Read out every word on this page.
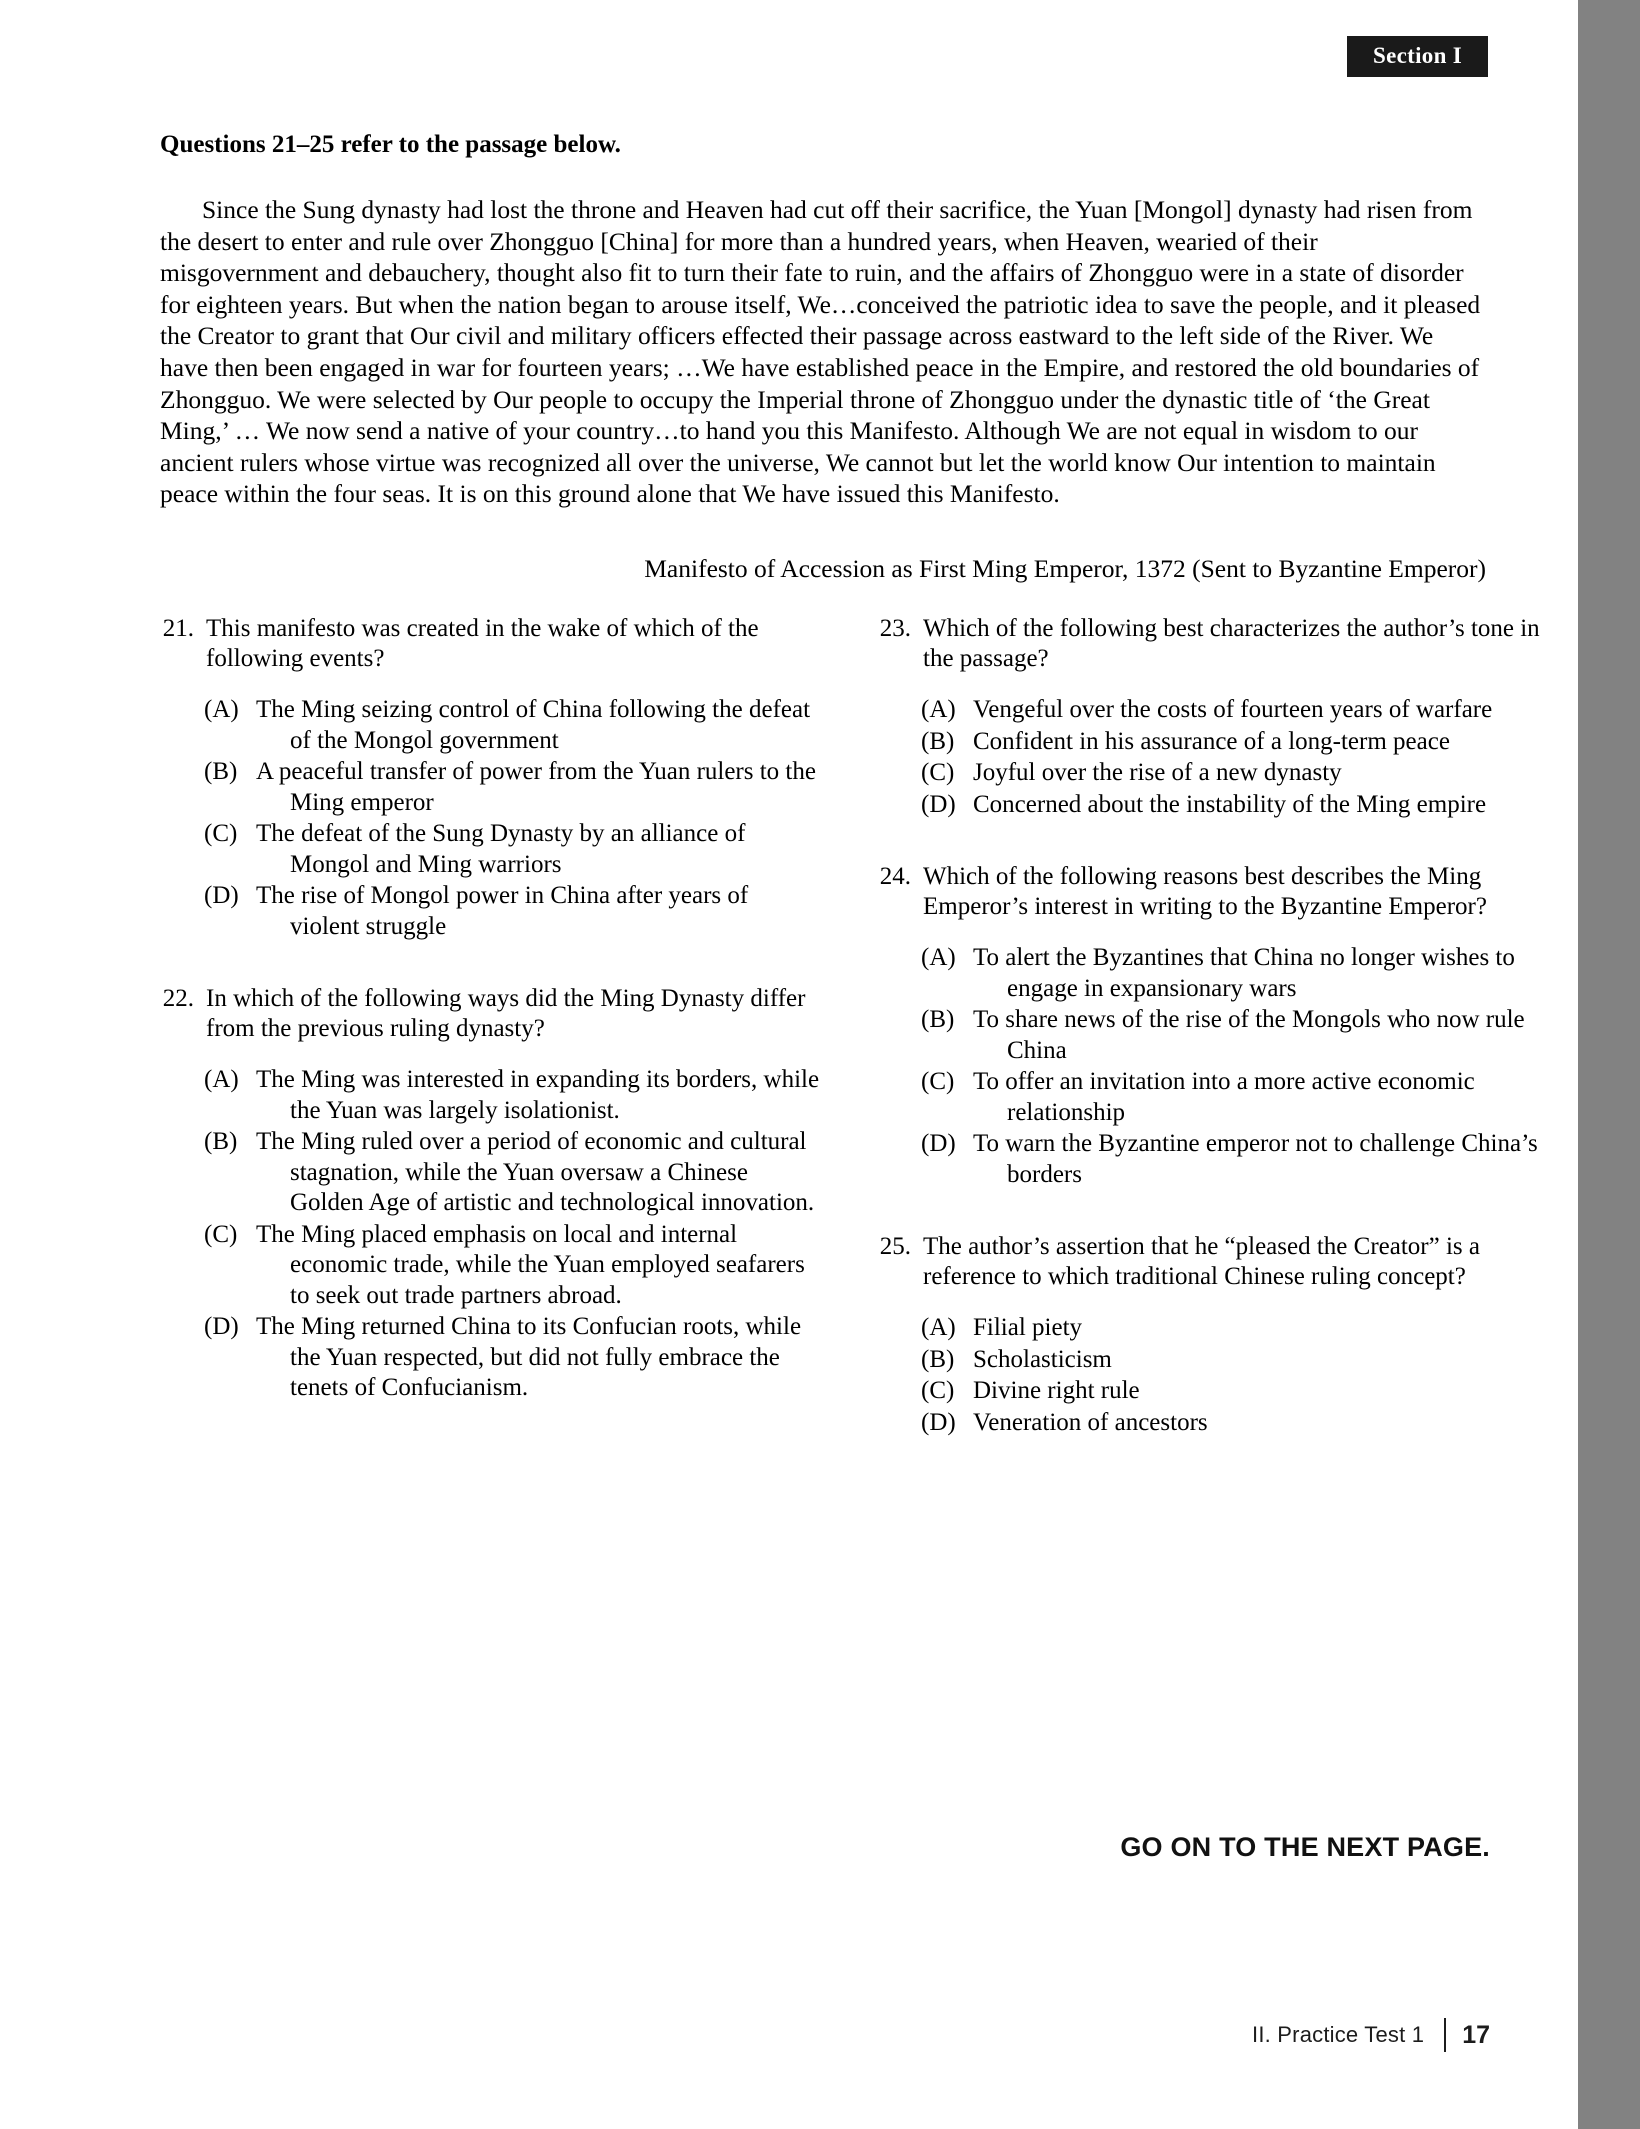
Section I
Questions 21–25 refer to the passage below.

Since the Sung dynasty had lost the throne and Heaven had cut off their sacrifice, the Yuan [Mongol] dynasty had risen from the desert to enter and rule over Zhongguo [China] for more than a hundred years, when Heaven, wearied of their misgovernment and debauchery, thought also fit to turn their fate to ruin, and the affairs of Zhongguo were in a state of disorder for eighteen years. But when the nation began to arouse itself, We…conceived the patriotic idea to save the people, and it pleased the Creator to grant that Our civil and military officers effected their passage across eastward to the left side of the River. We have then been engaged in war for fourteen years; …We have established peace in the Empire, and restored the old boundaries of Zhongguo. We were selected by Our people to occupy the Imperial throne of Zhongguo under the dynastic title of ‘the Great Ming,’ … We now send a native of your country…to hand you this Manifesto. Although We are not equal in wisdom to our ancient rulers whose virtue was recognized all over the universe, We cannot but let the world know Our intention to maintain peace within the four seas. It is on this ground alone that We have issued this Manifesto.

Manifesto of Accession as First Ming Emperor, 1372 (Sent to Byzantine Emperor)
21. This manifesto was created in the wake of which of the following events?
(A) The Ming seizing control of China following the defeat of the Mongol government
(B) A peaceful transfer of power from the Yuan rulers to the Ming emperor
(C) The defeat of the Sung Dynasty by an alliance of Mongol and Ming warriors
(D) The rise of Mongol power in China after years of violent struggle
22. In which of the following ways did the Ming Dynasty differ from the previous ruling dynasty?
(A) The Ming was interested in expanding its borders, while the Yuan was largely isolationist.
(B) The Ming ruled over a period of economic and cultural stagnation, while the Yuan oversaw a Chinese Golden Age of artistic and technological innovation.
(C) The Ming placed emphasis on local and internal economic trade, while the Yuan employed seafarers to seek out trade partners abroad.
(D) The Ming returned China to its Confucian roots, while the Yuan respected, but did not fully embrace the tenets of Confucianism.
23. Which of the following best characterizes the author’s tone in the passage?
(A) Vengeful over the costs of fourteen years of warfare
(B) Confident in his assurance of a long-term peace
(C) Joyful over the rise of a new dynasty
(D) Concerned about the instability of the Ming empire
24. Which of the following reasons best describes the Ming Emperor’s interest in writing to the Byzantine Emperor?
(A) To alert the Byzantines that China no longer wishes to engage in expansionary wars
(B) To share news of the rise of the Mongols who now rule China
(C) To offer an invitation into a more active economic relationship
(D) To warn the Byzantine emperor not to challenge China’s borders
25. The author’s assertion that he “pleased the Creator” is a reference to which traditional Chinese ruling concept?
(A) Filial piety
(B) Scholasticism
(C) Divine right rule
(D) Veneration of ancestors
GO ON TO THE NEXT PAGE.
II. Practice Test 1 17
